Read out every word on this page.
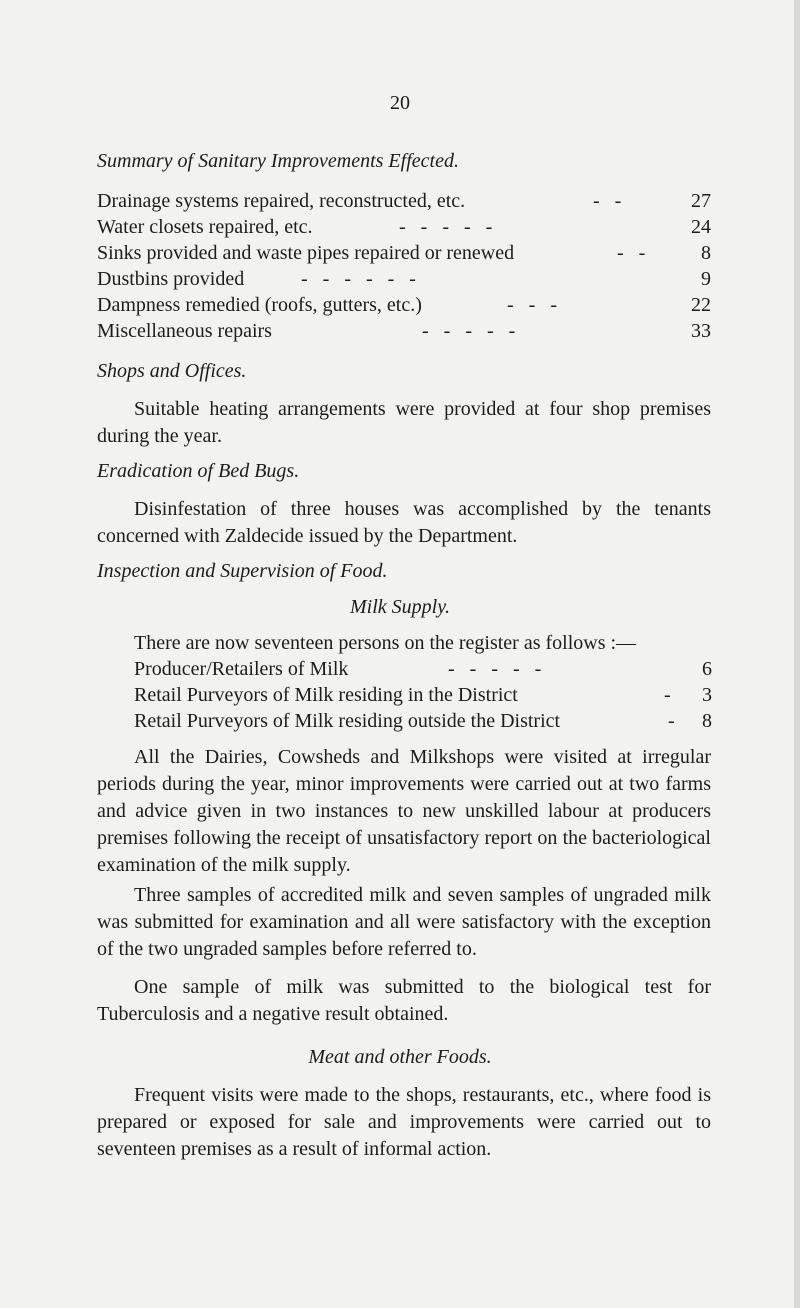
20
Summary of Sanitary Improvements Effected.
Drainage systems repaired, reconstructed, etc.	-   -	27
Water closets repaired, etc.	-   -   -   -   -	24
Sinks provided and waste pipes repaired or renewed	-   -	8
Dustbins provided	-   -   -   -   -   -	9
Dampness remedied (roofs, gutters, etc.)	-   -   -	22
Miscellaneous repairs	-   -   -   -   -	33
Shops and Offices.

Suitable heating arrangements were provided at four shop premises during the year.

Eradication of Bed Bugs.

Disinfestation of three houses was accomplished by the tenants concerned with Zaldecide issued by the Department.

Inspection and Supervision of Food.
Milk Supply.
There are now seventeen persons on the register as follows :—
Producer/Retailers of Milk	-   -   -   -   -	6
Retail Purveyors of Milk residing in the District	- 3
Retail Purveyors of Milk residing outside the District	- 8

All the Dairies, Cowsheds and Milkshops were visited at irregular periods during the year, minor improvements were carried out at two farms and advice given in two instances to new unskilled labour at producers premises following the receipt of unsatisfactory report on the bacteriological examination of the milk supply.

Three samples of accredited milk and seven samples of ungraded milk was submitted for examination and all were satisfactory with the exception of the two ungraded samples before referred to.

One sample of milk was submitted to the biological test for Tuberculosis and a negative result obtained.

Meat and other Foods.

Frequent visits were made to the shops, restaurants, etc., where food is prepared or exposed for sale and improvements were carried out to seventeen premises as a result of informal action.
